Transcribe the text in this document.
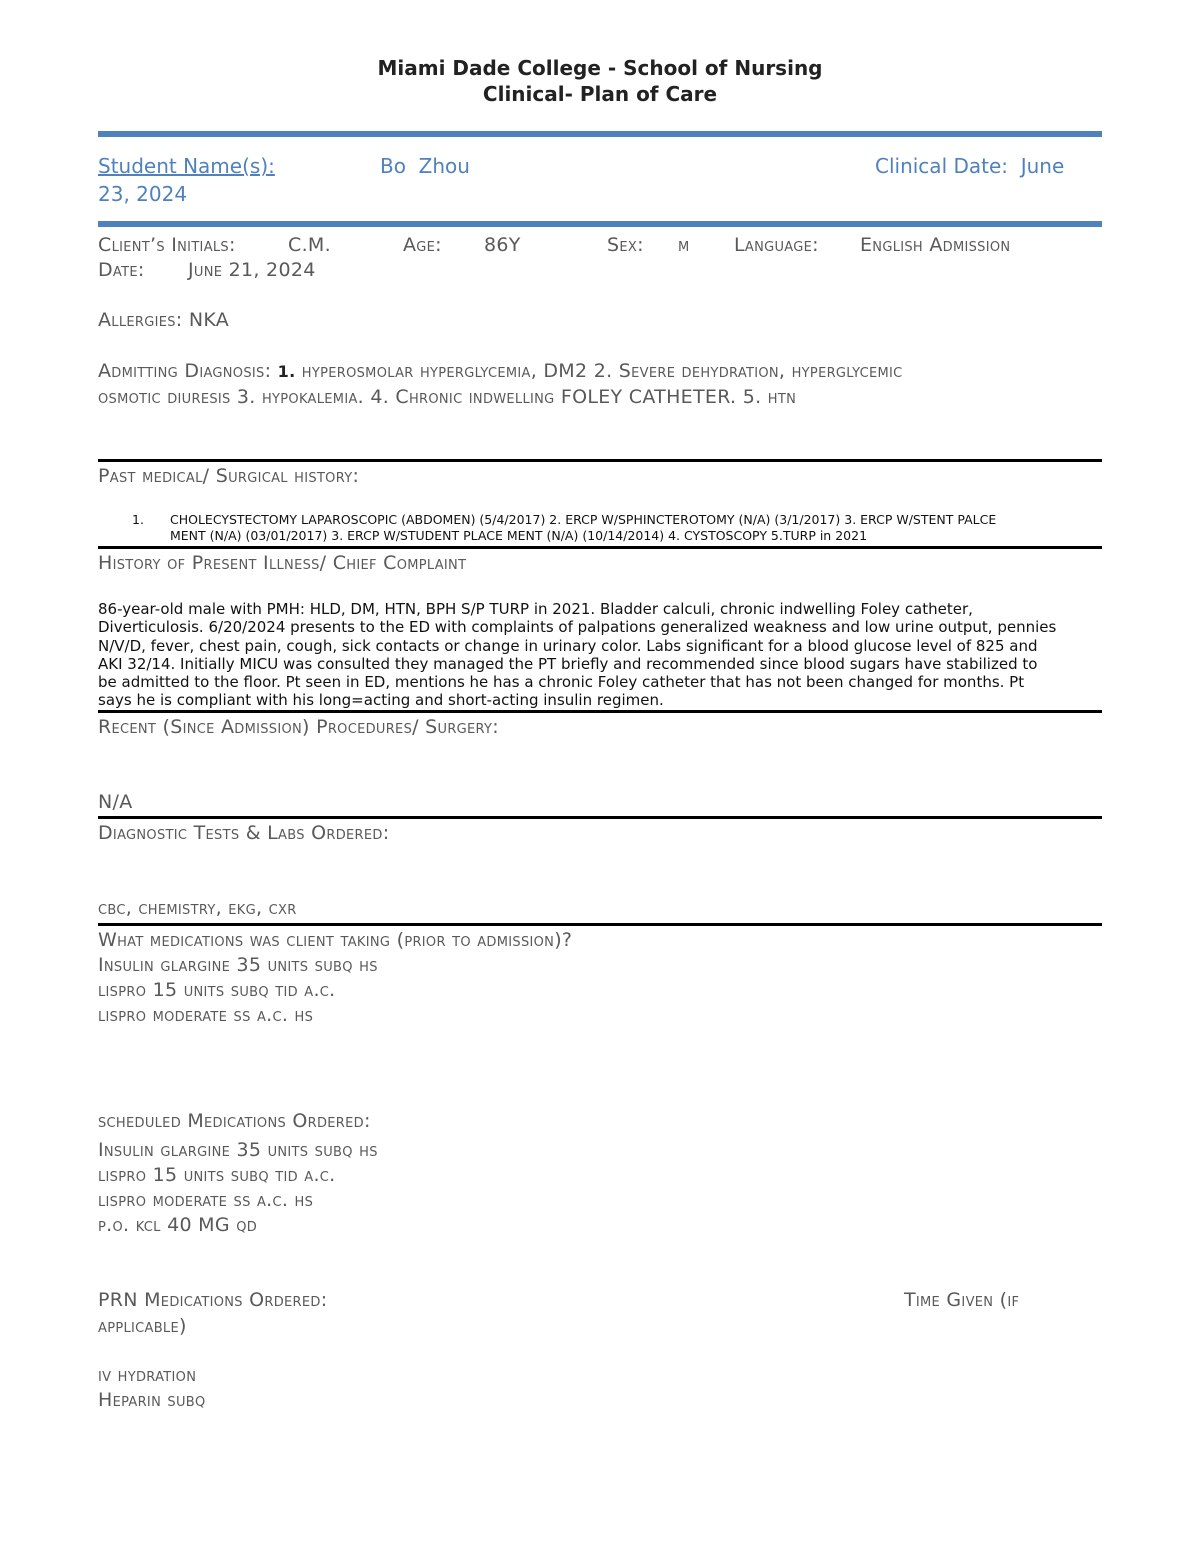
Miami Dade College - School of Nursing
Clinical- Plan of Care
Student Name(s):	Bo  Zhou	Clinical Date:  June
23, 2024
Client’s Initials:	C.M.	Age: 86Y	Sex: m Language: English Admission
Date: June 21, 2024
Allergies: NKA
Admitting Diagnosis: 1. hyperosmolar hyperglycemia, DM2 2. Severe dehydration, hyperglycemic
osmotic diuresis 3. hypokalemia. 4. Chronic indwelling FOLEY CATHETER. 5. htn
Past medical/ Surgical history:
1. CHOLECYSTECTOMY LAPAROSCOPIC (ABDOMEN) (5/4/2017) 2. ERCP W/SPHINCTEROTOMY (N/A) (3/1/2017) 3. ERCP W/STENT PALCE
MENT (N/A) (03/01/2017) 3. ERCP W/STUDENT PLACE MENT (N/A) (10/14/2014) 4. CYSTOSCOPY 5.TURP in 2021
History of Present Illness/ Chief Complaint
86-year-old male with PMH: HLD, DM, HTN, BPH S/P TURP in 2021. Bladder calculi, chronic indwelling Foley catheter,
Diverticulosis. 6/20/2024 presents to the ED with complaints of palpations generalized weakness and low urine output, pennies
N/V/D, fever, chest pain, cough, sick contacts or change in urinary color. Labs significant for a blood glucose level of 825 and
AKI 32/14. Initially MICU was consulted they managed the PT briefly and recommended since blood sugars have stabilized to
be admitted to the floor. Pt seen in ED, mentions he has a chronic Foley catheter that has not been changed for months. Pt
says he is compliant with his long=acting and short-acting insulin regimen.
Recent (Since Admission) Procedures/ Surgery:
N/A
Diagnostic Tests & Labs Ordered:
cbc, chemistry, ekg, cxr
What medications was client taking (prior to admission)?
Insulin glargine 35 units subq hs
lispro 15 units subq tid a.c.
lispro moderate ss a.c. hs
scheduled Medications Ordered:
Insulin glargine 35 units subq hs
lispro 15 units subq tid a.c.
lispro moderate ss a.c. hs
p.o. kcl 40 MG qd
PRN Medications Ordered:	Time Given (if
applicable)
iv hydration
Heparin subq
